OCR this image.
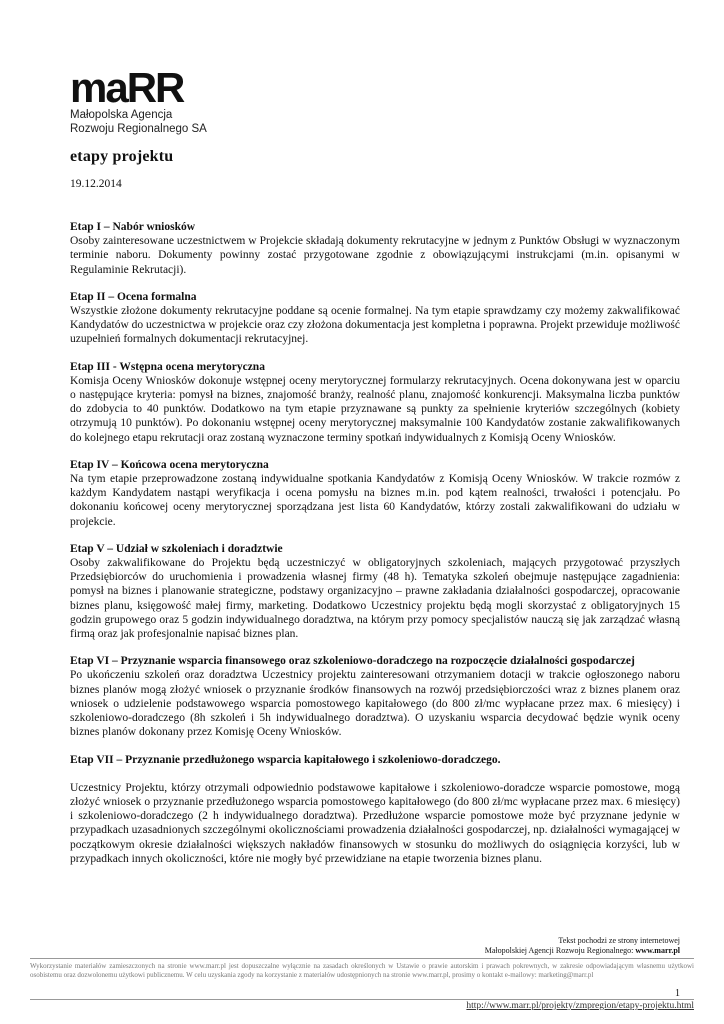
maRR
Małopolska Agencja
Rozwoju Regionalnego SA
etapy projektu
19.12.2014
Etap I – Nabór wniosków

Osoby zainteresowane uczestnictwem w Projekcie składają dokumenty rekrutacyjne w jednym z Punktów Obsługi w wyznaczonym terminie naboru. Dokumenty powinny zostać przygotowane zgodnie z obowiązującymi instrukcjami (m.in. opisanymi w Regulaminie Rekrutacji).

Etap II – Ocena formalna

Wszystkie złożone dokumenty rekrutacyjne poddane są ocenie formalnej. Na tym etapie sprawdzamy czy możemy zakwalifikować Kandydatów do uczestnictwa w projekcie oraz czy złożona dokumentacja jest kompletna i poprawna. Projekt przewiduje możliwość uzupełnień formalnych dokumentacji rekrutacyjnej.

Etap III - Wstępna ocena merytoryczna

Komisja Oceny Wniosków dokonuje wstępnej oceny merytorycznej formularzy rekrutacyjnych. Ocena dokonywana jest w oparciu o następujące kryteria: pomysł na biznes, znajomość branży, realność planu, znajomość konkurencji. Maksymalna liczba punktów do zdobycia to 40 punktów. Dodatkowo na tym etapie przyznawane są punkty za spełnienie kryteriów szczególnych (kobiety otrzymują 10 punktów). Po dokonaniu wstępnej oceny merytorycznej maksymalnie 100 Kandydatów zostanie zakwalifikowanych do kolejnego etapu rekrutacji oraz zostaną wyznaczone terminy spotkań indywidualnych z Komisją Oceny Wniosków.

Etap IV – Końcowa ocena merytoryczna

Na tym etapie przeprowadzone zostaną indywidualne spotkania Kandydatów z Komisją Oceny Wniosków. W trakcie rozmów z każdym Kandydatem nastąpi weryfikacja i ocena pomysłu na biznes m.in. pod kątem realności, trwałości i potencjału. Po dokonaniu końcowej oceny merytorycznej sporządzana jest lista 60 Kandydatów, którzy zostali zakwalifikowani do udziału w projekcie.

Etap V – Udział w szkoleniach i doradztwie

Osoby zakwalifikowane do Projektu będą uczestniczyć w obligatoryjnych szkoleniach, mających przygotować przyszłych Przedsiębiorców do uruchomienia i prowadzenia własnej firmy (48 h). Tematyka szkoleń obejmuje następujące zagadnienia: pomysł na biznes i planowanie strategiczne, podstawy organizacyjno – prawne zakładania działalności gospodarczej, opracowanie biznes planu, księgowość małej firmy, marketing. Dodatkowo Uczestnicy projektu będą mogli skorzystać z obligatoryjnych 15 godzin grupowego oraz 5 godzin indywidualnego doradztwa, na którym przy pomocy specjalistów nauczą się jak zarządzać własną firmą oraz jak profesjonalnie napisać biznes plan.

Etap VI – Przyznanie wsparcia finansowego oraz szkoleniowo-doradczego na rozpoczęcie działalności gospodarczej

Po ukończeniu szkoleń oraz doradztwa Uczestnicy projektu zainteresowani otrzymaniem dotacji w trakcie ogłoszonego naboru biznes planów mogą złożyć wniosek o przyznanie środków finansowych na rozwój przedsiębiorczości wraz z biznes planem oraz wniosek o udzielenie podstawowego wsparcia pomostowego kapitałowego (do 800 zł/mc wypłacane przez max. 6 miesięcy) i szkoleniowo-doradczego (8h szkoleń i 5h indywidualnego doradztwa). O uzyskaniu wsparcia decydować będzie wynik oceny biznes planów dokonany przez Komisję Oceny Wniosków.

Etap VII – Przyznanie przedłużonego wsparcia kapitałowego i szkoleniowo-doradczego.

Uczestnicy Projektu, którzy otrzymali odpowiednio podstawowe kapitałowe i szkoleniowo-doradcze wsparcie pomostowe, mogą złożyć wniosek o przyznanie przedłużonego wsparcia pomostowego kapitałowego (do 800 zł/mc wypłacane przez max. 6 miesięcy) i szkoleniowo-doradczego (2 h indywidualnego doradztwa). Przedłużone wsparcie pomostowe może być przyznane jedynie w przypadkach uzasadnionych szczególnymi okolicznościami prowadzenia działalności gospodarczej, np. działalności wymagającej w początkowym okresie działalności większych nakładów finansowych w stosunku do możliwych do osiągnięcia korzyści, lub w przypadkach innych okoliczności, które nie mogły być przewidziane na etapie tworzenia biznes planu.

Tekst pochodzi ze strony internetowej
Małopolskiej Agencji Rozwoju Regionalnego: www.marr.pl
Wykorzystanie materiałów zamieszczonych na stronie www.marr.pl jest dopuszczalne wyłącznie na zasadach określonych w Ustawie o prawie autorskim i prawach pokrewnych, w zakresie odpowiadającym własnemu użytkowi osobistemu oraz dozwolonemu użytkowi publicznemu. W celu uzyskania zgody na korzystanie z materiałów udostępnionych na stronie www.marr.pl, prosimy o kontakt e-mailowy: marketing@marr.pl
1
http://www.marr.pl/projekty/zmpregion/etapy-projektu.html
